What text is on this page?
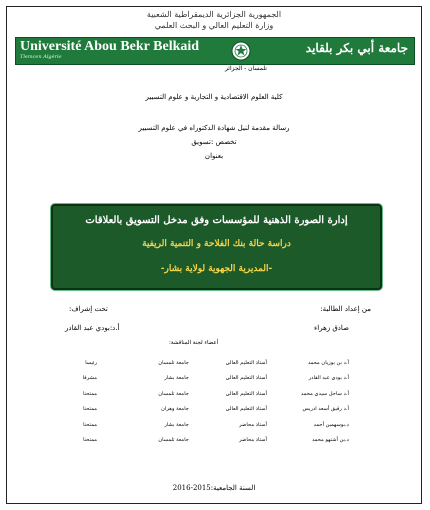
الجمهورية الجزائرية الديمقراطية الشعبية
وزارة التعليم العالي و البحث العلمي
Université Abou Bekr Belkaid
Tlemcen Algérie
جامعة أبي بكر بلقايد
تلمسان - الجزائر
كلية العلوم الاقتصادية و التجارية و علوم التسيير
رسالة مقدمة لنيل شهادة الدكتوراه في علوم التسيير
تخصص :تسويق
بعنوان
إدارة الصورة الذهنية للمؤسسات وفق مدخل التسويق بالعلاقات
دراسة حالة بنك الفلاحة و التنمية الريفية
-المديرية الجهوية لولاية بشار-
من إعداد الطالبة:
صادق زهراء
تحت إشراف:
أ.د:بودي عبد القادر
أعضاء لجنة المناقشة:
أ.د بن بوزيان محمد	أستاذ التعليم العالي	جامعة تلمسان	رئيسا
أ.د بودي عبد القادر	أستاذ التعليم العالي	جامعة بشار	مشرفا
أ.د ساحل سيدي محمد	أستاذ التعليم العالي	جامعة تلمسان	ممتحنا
أ.د رقيق أسعد ادريس	أستاذ التعليم العالي	جامعة وهران	ممتحنا
د.بوسهمين أحمد	أستاذ محاضر	جامعة بشار	ممتحنا
د.بن أشنهو محمد	أستاذ محاضر	جامعة تلمسان	ممتحنا
السنة الجامعية:2015-2016
